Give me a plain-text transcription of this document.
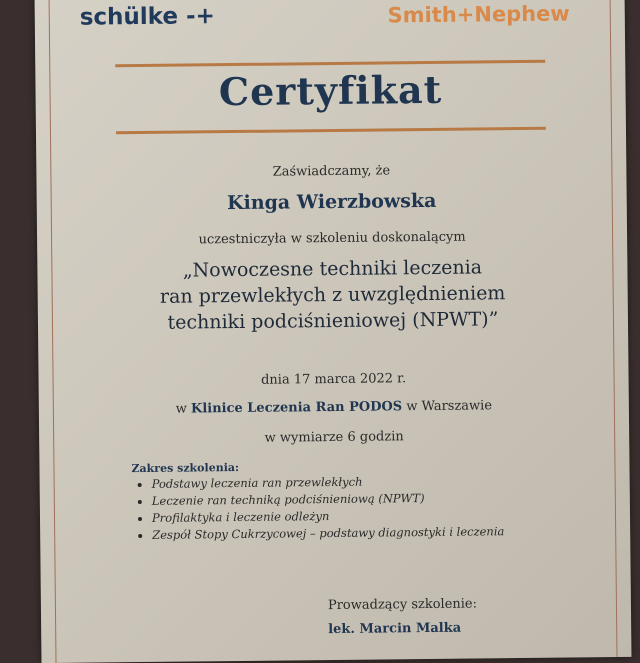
schülke -+	Smith+Nephew
Certyfikat
Zaświadczamy, że
Kinga Wierzbowska
uczestniczyła w szkoleniu doskonalącym
„Nowoczesne techniki leczenia
ran przewlekłych z uwzględnieniem
techniki podciśnieniowej (NPWT)”
dnia 17 marca 2022 r.
w Klinice Leczenia Ran PODOS w Warszawie
w wymiarze 6 godzin
Zakres szkolenia:
• Podstawy leczenia ran przewlekłych
• Leczenie ran techniką podciśnieniową (NPWT)
• Profilaktyka i leczenie odleżyn
• Zespół Stopy Cukrzycowej – podstawy diagnostyki i leczenia
Prowadzący szkolenie:
lek. Marcin Malka
